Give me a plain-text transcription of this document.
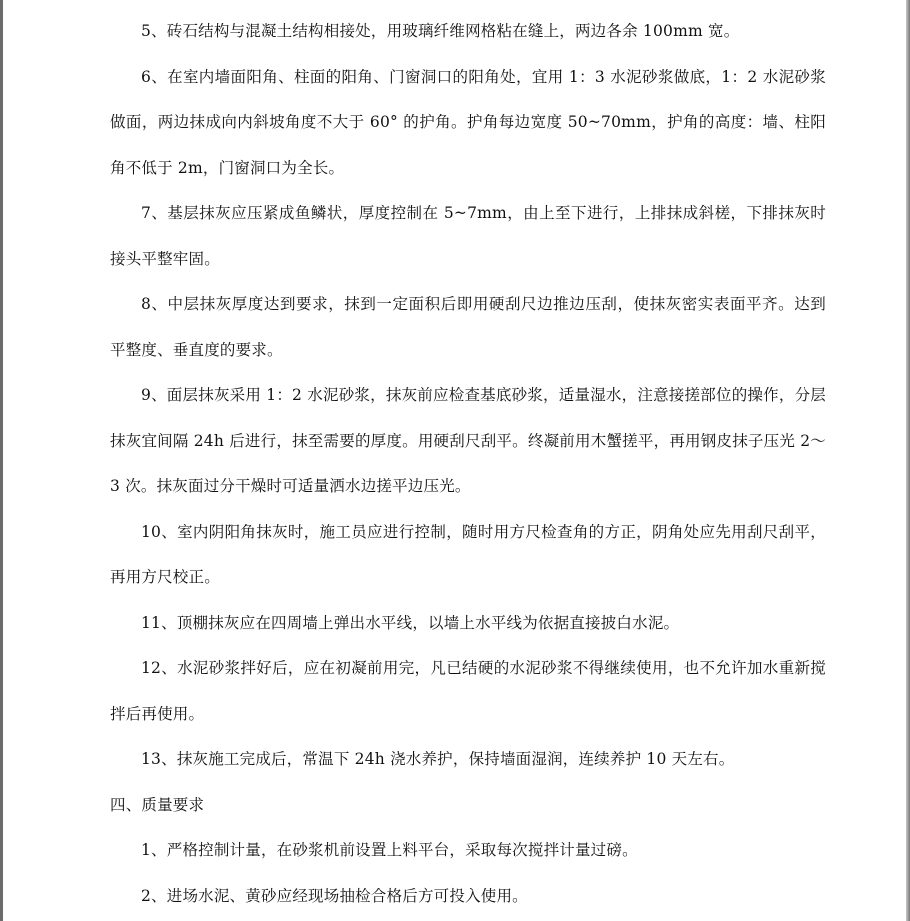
5、砖石结构与混凝土结构相接处，用玻璃纤维网格粘在缝上，两边各余 100mm 宽。

6、在室内墙面阳角、柱面的阳角、门窗洞口的阳角处，宜用 1：3 水泥砂浆做底，1：2 水泥砂浆做面，两边抹成向内斜坡角度不大于 60° 的护角。护角每边宽度 50~70mm，护角的高度：墙、柱阳角不低于 2m，门窗洞口为全长。

7、基层抹灰应压紧成鱼鳞状，厚度控制在 5~7mm，由上至下进行，上排抹成斜槎，下排抹灰时接头平整牢固。

8、中层抹灰厚度达到要求，抹到一定面积后即用硬刮尺边推边压刮，使抹灰密实表面平齐。达到平整度、垂直度的要求。

9、面层抹灰采用 1：2 水泥砂浆，抹灰前应检查基底砂浆，适量湿水，注意接搓部位的操作，分层抹灰宜间隔 24h 后进行，抹至需要的厚度。用硬刮尺刮平。终凝前用木蟹搓平，再用钢皮抹子压光 2～3 次。抹灰面过分干燥时可适量洒水边搓平边压光。

10、室内阴阳角抹灰时，施工员应进行控制，随时用方尺检查角的方正，阴角处应先用刮尺刮平，再用方尺校正。

11、顶棚抹灰应在四周墙上弹出水平线，以墙上水平线为依据直接披白水泥。

12、水泥砂浆拌好后，应在初凝前用完，凡已结硬的水泥砂浆不得继续使用，也不允许加水重新搅拌后再使用。

13、抹灰施工完成后，常温下 24h 浇水养护，保持墙面湿润，连续养护 10 天左右。

四、质量要求

1、严格控制计量，在砂浆机前设置上料平台，采取每次搅拌计量过磅。

2、进场水泥、黄砂应经现场抽检合格后方可投入使用。
